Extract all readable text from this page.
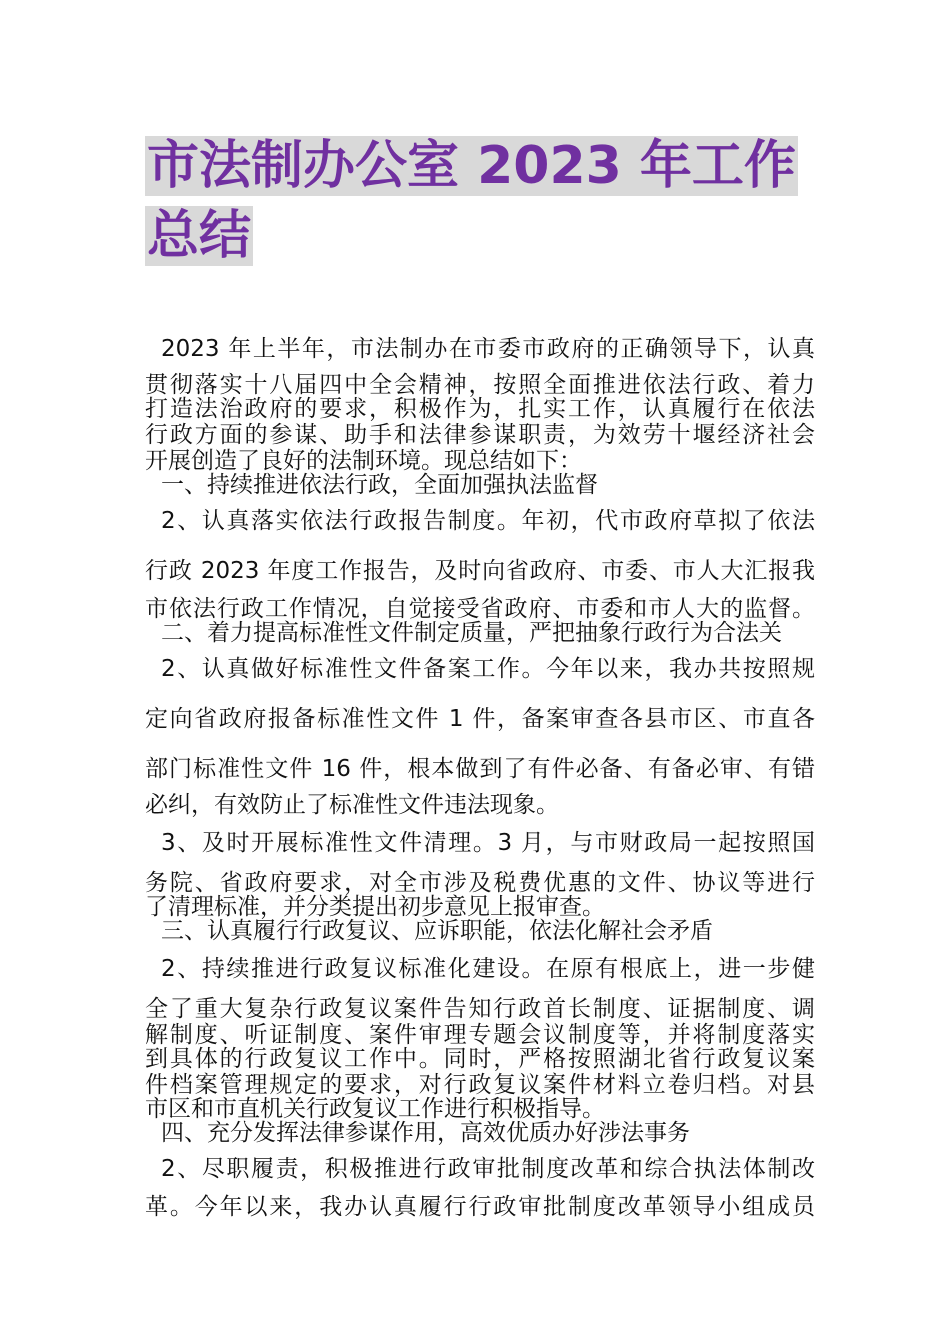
市法制办公室 2023 年工作
总结

2023 年上半年，市法制办在市委市政府的正确领导下，认真

贯彻落实十八届四中全会精神，按照全面推进依法行政、着力

打造法治政府的要求，积极作为，扎实工作，认真履行在依法

行政方面的参谋、助手和法律参谋职责，为效劳十堰经济社会

开展创造了良好的法制环境。现总结如下：

一、持续推进依法行政，全面加强执法监督

2、认真落实依法行政报告制度。年初，代市政府草拟了依法

行政 2023 年度工作报告，及时向省政府、市委、市人大汇报我

市依法行政工作情况，自觉接受省政府、市委和市人大的监督。

二、着力提高标准性文件制定质量，严把抽象行政行为合法关

2、认真做好标准性文件备案工作。今年以来，我办共按照规

定向省政府报备标准性文件 1 件，备案审查各县市区、市直各

部门标准性文件 16 件，根本做到了有件必备、有备必审、有错

必纠，有效防止了标准性文件违法现象。

3、及时开展标准性文件清理。3 月，与市财政局一起按照国

务院、省政府要求，对全市涉及税费优惠的文件、协议等进行

了清理标准，并分类提出初步意见上报审查。

三、认真履行行政复议、应诉职能，依法化解社会矛盾

2、持续推进行政复议标准化建设。在原有根底上，进一步健

全了重大复杂行政复议案件告知行政首长制度、证据制度、调

解制度、听证制度、案件审理专题会议制度等，并将制度落实

到具体的行政复议工作中。同时，严格按照湖北省行政复议案

件档案管理规定的要求，对行政复议案件材料立卷归档。对县

市区和市直机关行政复议工作进行积极指导。

四、充分发挥法律参谋作用，高效优质办好涉法事务

2、尽职履责，积极推进行政审批制度改革和综合执法体制改

革。今年以来，我办认真履行行政审批制度改革领导小组成员
